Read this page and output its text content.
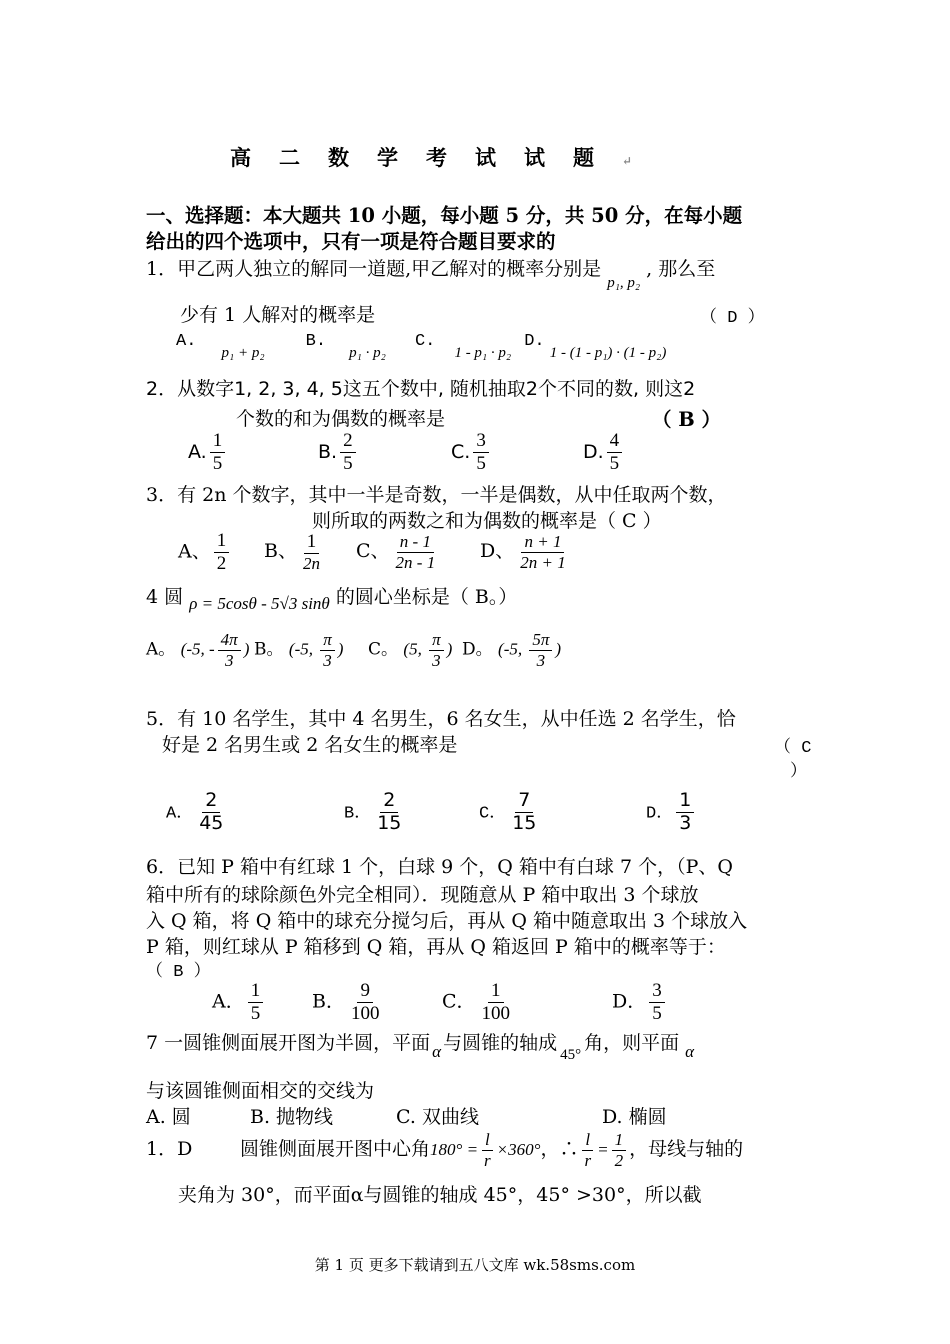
高 二 数 学 考 试 试 题 ↵
一、选择题：本大题共 10 小题，每小题 5 分，共 50 分，在每小题
给出的四个选项中，只有一项是符合题目要求的
1．甲乙两人独立的解同一道题,甲乙解对的概率分别是 $_{p_1, p_2}$ , 那么至
少有 1 人解对的概率是	（ D ）
A. p₁ + p₂ B. p₁ · p₂ C. 1 - p₁ · p₂ D. 1 - (1 - p₁) · (1 - p₂)
2．从数字1, 2, 3, 4, 5这五个数中, 随机抽取2个不同的数, 则这2
个数的和为偶数的概率是	（ B ）
A. $\frac{1}{5}$	B. $\frac{2}{5}$	C. $\frac{3}{5}$	D. $\frac{4}{5}$
3．有 2n 个数字，其中一半是奇数，一半是偶数，从中任取两个数，
则所取的两数之和为偶数的概率是（ C ）
A、 $\frac{1}{2}$ B、 $\frac{1}{2n}$ C、 $\frac{n - 1}{2n - 1}$ D、 $\frac{n + 1}{2n + 1}$
4 圆 ρ = 5cosθ - 5√3 sinθ 的圆心坐标是（ B。）
A。 (-5, - $\frac{4\pi}{3}$ ) B。 (-5, $\frac{\pi}{3}$ ) C。 (5, $\frac{\pi}{3}$ ) D。 (-5, $\frac{5\pi}{3}$ )
5．有 10 名学生，其中 4 名男生，6 名女生，从中任选 2 名学生，恰
好是 2 名男生或 2 名女生的概率是	（ C
）
A． $\frac{2}{45}$	B． $\frac{2}{15}$	C． $\frac{7}{15}$	D． $\frac{1}{3}$
6．已知 P 箱中有红球 1 个，白球 9 个，Q 箱中有白球 7 个，（P、Q
箱中所有的球除颜色外完全相同）．现随意从 P 箱中取出 3 个球放
入 Q 箱，将 Q 箱中的球充分搅匀后，再从 Q 箱中随意取出 3 个球放入
P 箱，则红球从 P 箱移到 Q 箱，再从 Q 箱返回 P 箱中的概率等于：
（ B ）
A． $\frac{1}{5}$	B． $\frac{9}{100}$	C． $\frac{1}{100}$	D． $\frac{3}{5}$
7 一圆锥侧面展开图为半圆，平面 α 与圆锥的轴成$_{45^\circ}$角，则平面 α
与该圆锥侧面相交的交线为
A. 圆	B. 抛物线	C. 双曲线	D. 椭圆
1．D	圆锥侧面展开图中心角$180^\circ = \frac{l}{r} \times 360^\circ$，∴ $\frac{l}{r} = \frac{1}{2}$ ，母线与轴的
夹角为 30°，而平面α与圆锥的轴成 45°，45° >30°，所以截
第 1 页 更多下载请到五八文库 wk.58sms.com
